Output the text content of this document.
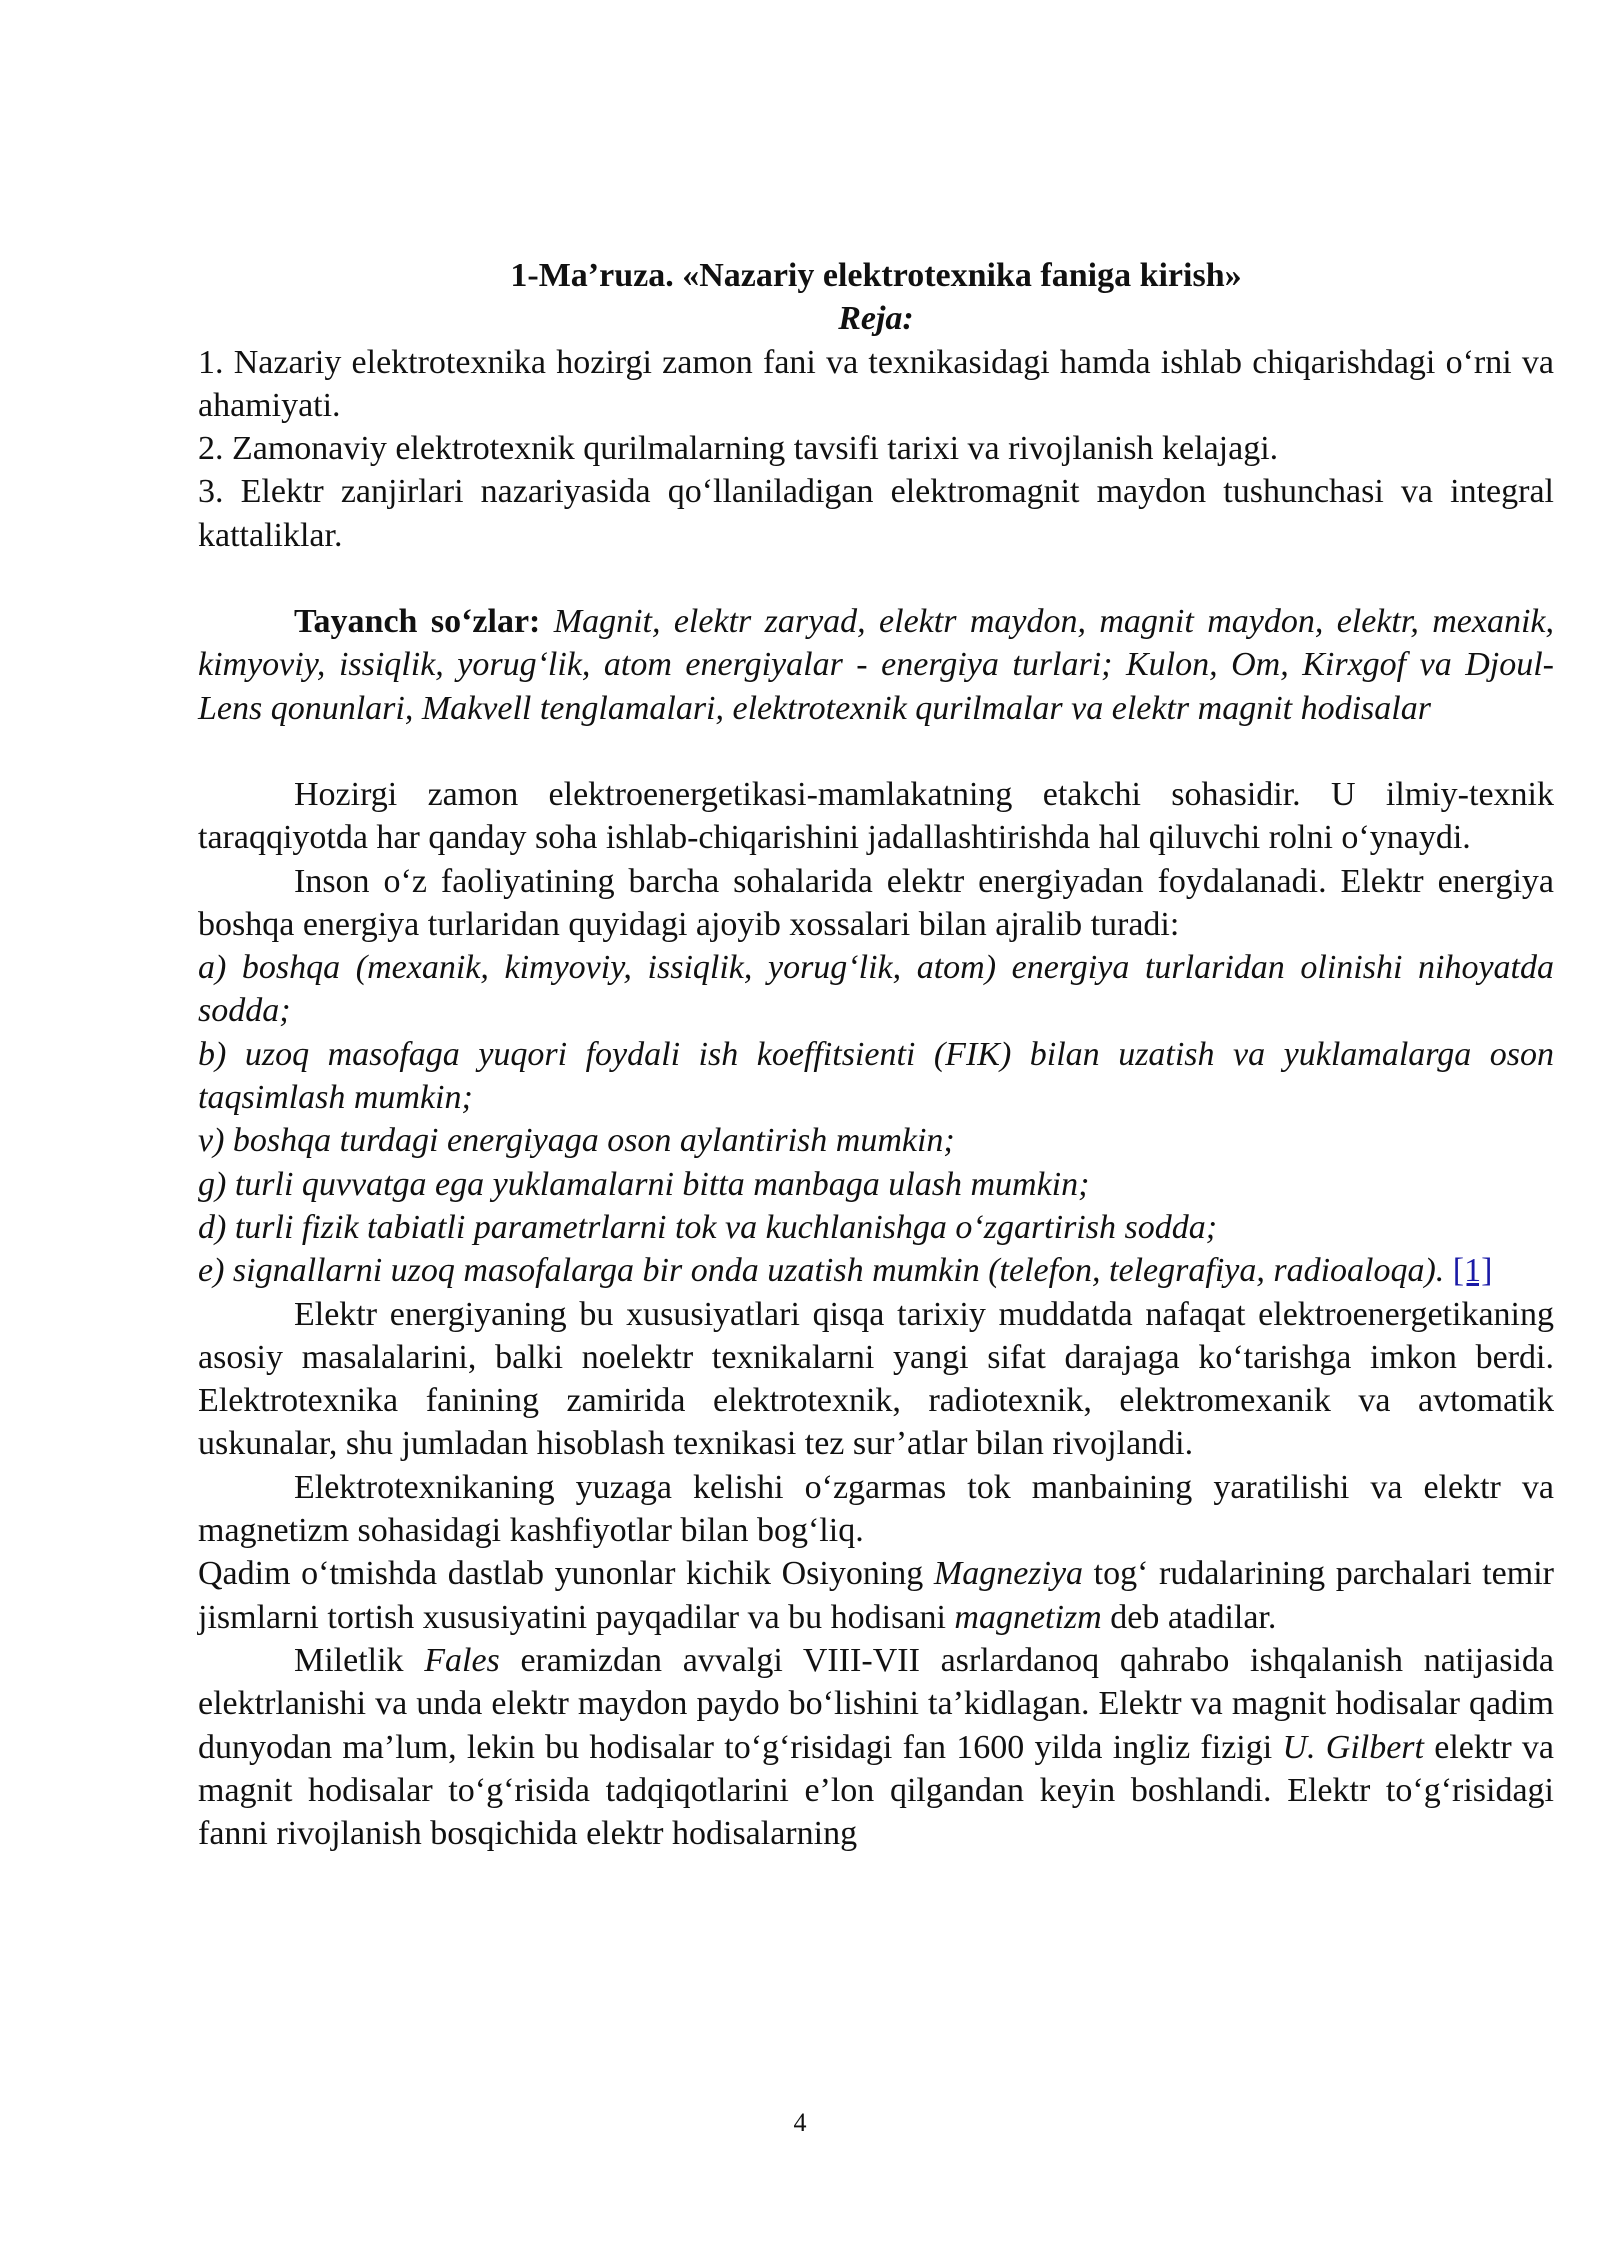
1-Ma’ruza. «Nazariy elektrotexnika faniga kirish»

Reja:

1. Nazariy elektrotexnika hozirgi zamon fani va texnikasidagi hamda ishlab chiqarishdagi o‘rni va ahamiyati.

2. Zamonaviy elektrotexnik qurilmalarning tavsifi tarixi va rivojlanish kelajagi.

3. Elektr zanjirlari nazariyasida qo‘llaniladigan elektromagnit maydon tushunchasi va integral kattaliklar.

Tayanch so‘zlar: Magnit, elektr zaryad, elektr maydon, magnit maydon, elektr, mexanik, kimyoviy, issiqlik, yorug‘lik, atom energiyalar - energiya turlari; Kulon, Om, Kirxgof va Djoul-Lens qonunlari, Makvell tenglamalari, elektrotexnik qurilmalar va elektr magnit hodisalar

Hozirgi zamon elektroenergetikasi-mamlakatning etakchi sohasidir. U ilmiy-texnik taraqqiyotda har qanday soha ishlab-chiqarishini jadallashtirishda hal qiluvchi rolni o‘ynaydi.

Inson o‘z faoliyatining barcha sohalarida elektr energiyadan foydalanadi. Elektr energiya boshqa energiya turlaridan quyidagi ajoyib xossalari bilan ajralib turadi:

a) boshqa (mexanik, kimyoviy, issiqlik, yorug‘lik, atom) energiya turlaridan olinishi nihoyatda sodda;

b) uzoq masofaga yuqori foydali ish koeffitsienti (FIK) bilan uzatish va yuklamalarga oson taqsimlash mumkin;

v) boshqa turdagi energiyaga oson aylantirish mumkin;

g) turli quvvatga ega yuklamalarni bitta manbaga ulash mumkin;

d) turli fizik tabiatli parametrlarni tok va kuchlanishga o‘zgartirish sodda;

e) signallarni uzoq masofalarga bir onda uzatish mumkin (telefon, telegrafiya, radioaloqa). [1]

Elektr energiyaning bu xususiyatlari qisqa tarixiy muddatda nafaqat elektroenergetikaning asosiy masalalarini, balki noelektr texnikalarni yangi sifat darajaga ko‘tarishga imkon berdi. Elektrotexnika fanining zamirida elektrotexnik, radiotexnik, elektromexanik va avtomatik uskunalar, shu jumladan hisoblash texnikasi tez sur’atlar bilan rivojlandi.

Elektrotexnikaning yuzaga kelishi o‘zgarmas tok manbaining yaratilishi va elektr va magnetizm sohasidagi kashfiyotlar bilan bog‘liq.

Qadim o‘tmishda dastlab yunonlar kichik Osiyoning Magneziya tog‘ rudalarining parchalari temir jismlarni tortish xususiyatini payqadilar va bu hodisani magnetizm deb atadilar.

Miletlik Fales eramizdan avvalgi VIII-VII asrlardanoq qahrabo ishqalanish natijasida elektrlanishi va unda elektr maydon paydo bo‘lishini ta’kidlagan. Elektr va magnit hodisalar qadim dunyodan ma’lum, lekin bu hodisalar to‘g‘risidagi fan 1600 yilda ingliz fizigi U. Gilbert elektr va magnit hodisalar to‘g‘risida tadqiqotlarini e’lon qilgandan keyin boshlandi. Elektr to‘g‘risidagi fanni rivojlanish bosqichida elektr hodisalarning

4
